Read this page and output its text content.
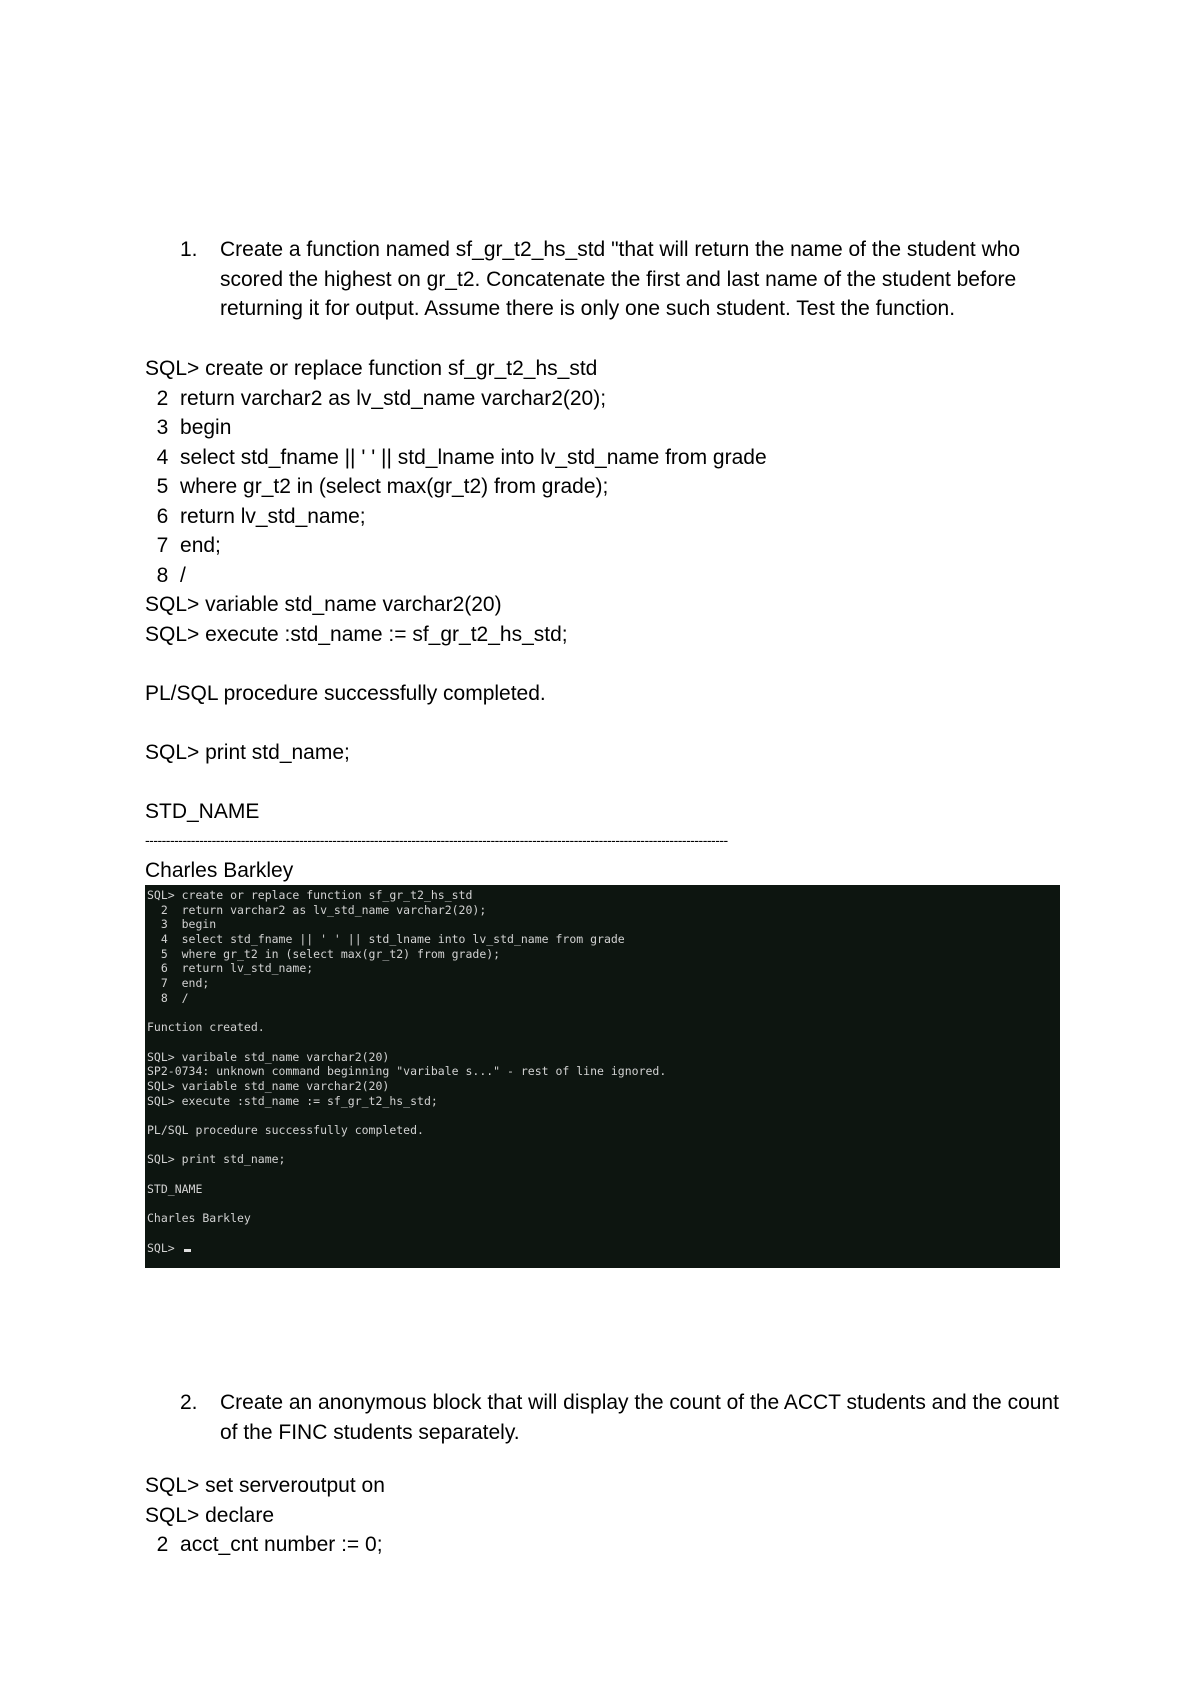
1.	Create a function named sf_gr_t2_hs_std "that will return the name of the student who scored the highest on gr_t2. Concatenate the first and last name of the student before returning it for output. Assume there is only one such student. Test the function.
SQL> create or replace function sf_gr_t2_hs_std
2  return varchar2 as lv_std_name varchar2(20);
3  begin
4  select std_fname || ' ' || std_lname into lv_std_name from grade
5  where gr_t2 in (select max(gr_t2) from grade);
6  return lv_std_name;
7  end;
8  /
SQL> variable std_name varchar2(20)
SQL> execute :std_name := sf_gr_t2_hs_std;
PL/SQL procedure successfully completed.
SQL> print std_name;
STD_NAME
--------------------------------------------------------------------------------------------------------------------------------------------
Charles Barkley
SQL> create or replace function sf_gr_t2_hs_std
2  return varchar2 as lv_std_name varchar2(20);
3  begin
4  select std_fname || ' ' || std_lname into lv_std_name from grade
5  where gr_t2 in (select max(gr_t2) from grade);
6  return lv_std_name;
7  end;
8  /
Function created.
SQL> varibale std_name varchar2(20)
SP2-0734: unknown command beginning "varibale s..." - rest of line ignored.
SQL> variable std_name varchar2(20)
SQL> execute :std_name := sf_gr_t2_hs_std;
PL/SQL procedure successfully completed.
SQL> print std_name;
STD_NAME
Charles Barkley
SQL>
2.	Create an anonymous block that will display the count of the ACCT students and the count of the FINC students separately.
SQL> set serveroutput on
SQL> declare
2  acct_cnt number := 0;
